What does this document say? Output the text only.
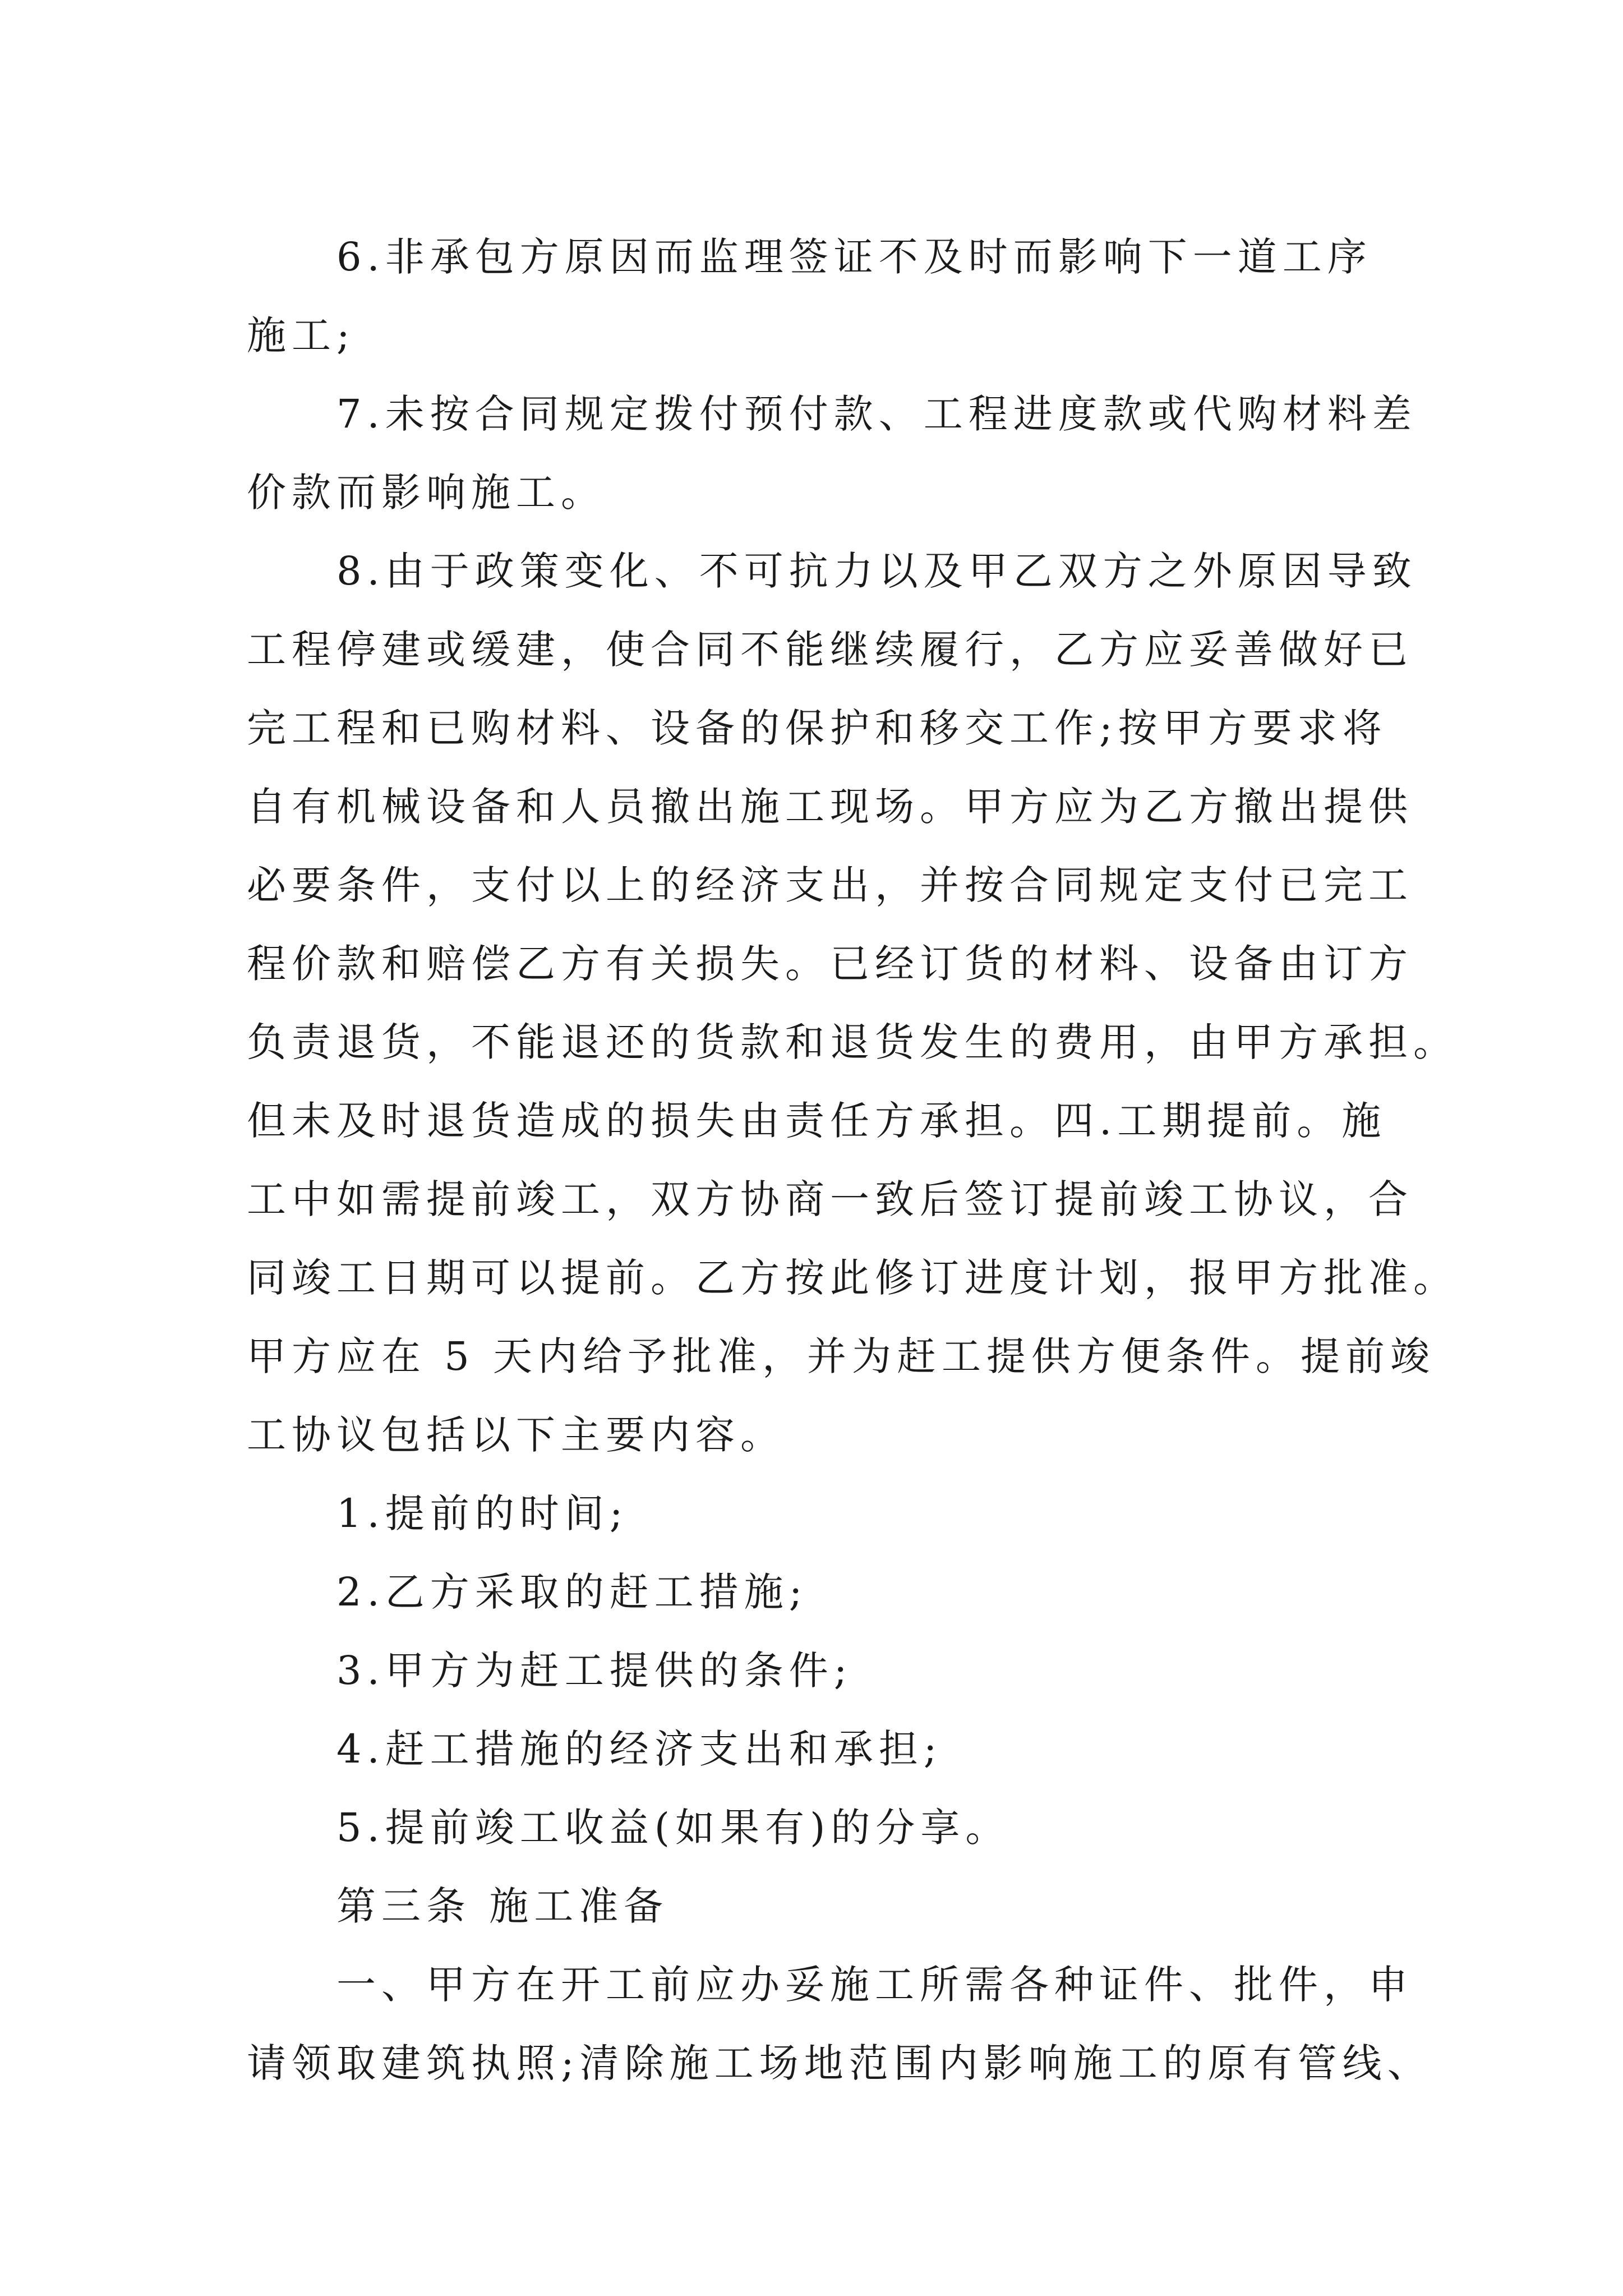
6.非承包方原因而监理签证不及时而影响下一道工序
施工;
7.未按合同规定拨付预付款、工程进度款或代购材料差
价款而影响施工。
8.由于政策变化、不可抗力以及甲乙双方之外原因导致
工程停建或缓建，使合同不能继续履行，乙方应妥善做好已
完工程和已购材料、设备的保护和移交工作;按甲方要求将
自有机械设备和人员撤出施工现场。甲方应为乙方撤出提供
必要条件，支付以上的经济支出，并按合同规定支付已完工
程价款和赔偿乙方有关损失。已经订货的材料、设备由订方
负责退货，不能退还的货款和退货发生的费用，由甲方承担。
但未及时退货造成的损失由责任方承担。四.工期提前。施
工中如需提前竣工，双方协商一致后签订提前竣工协议，合
同竣工日期可以提前。乙方按此修订进度计划，报甲方批准。
甲方应在 5 天内给予批准，并为赶工提供方便条件。提前竣
工协议包括以下主要内容。
1.提前的时间;
2.乙方采取的赶工措施;
3.甲方为赶工提供的条件;
4.赶工措施的经济支出和承担;
5.提前竣工收益(如果有)的分享。
第三条 施工准备
一、甲方在开工前应办妥施工所需各种证件、批件，申
请领取建筑执照;清除施工场地范围内影响施工的原有管线、
